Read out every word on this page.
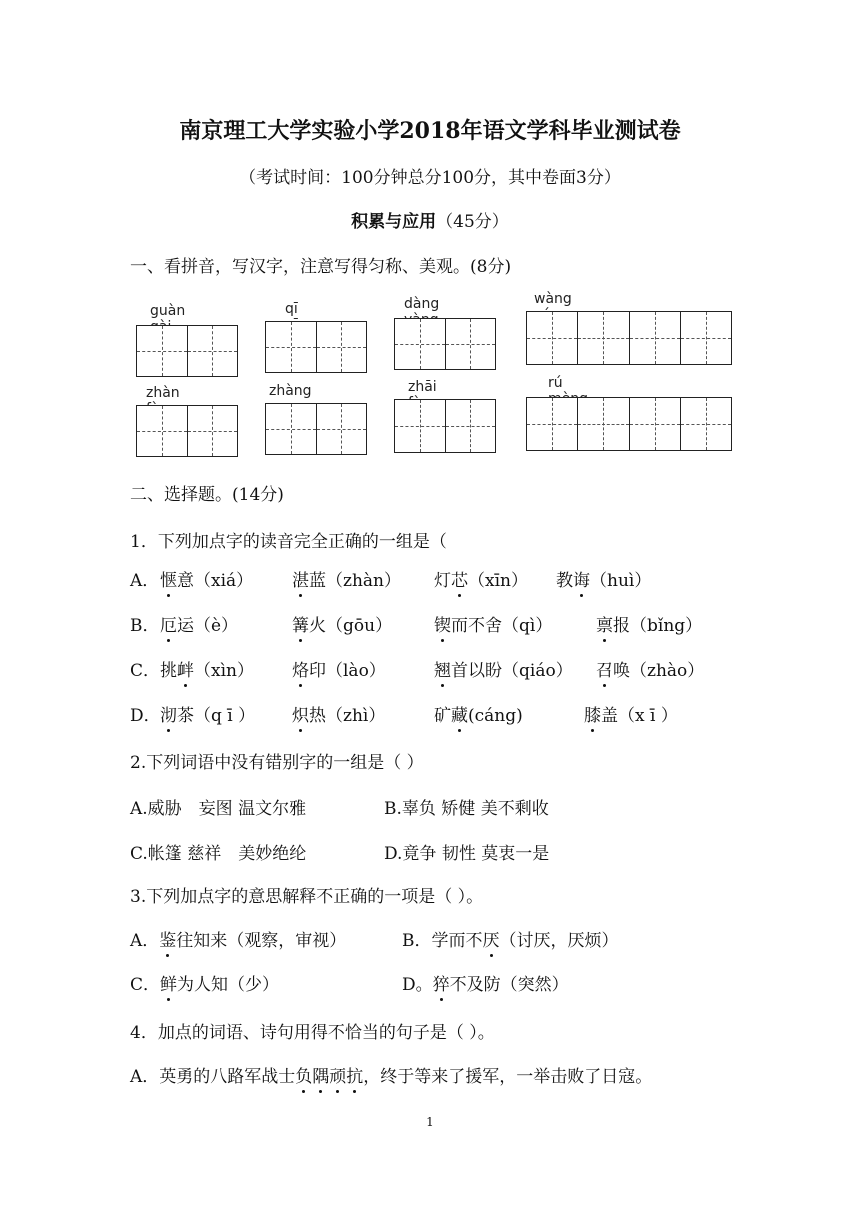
南京理工大学实验小学2018年语文学科毕业测试卷
（考试时间：100分钟总分100分，其中卷面3分）
积累与应用（45分）
一、看拼音，写汉字，注意写得匀称、美观。(8分)
guàn	qī	dàng	wàng
zhàn	zhàng	zhāi	rú
二、选择题。(14分)
1．下列加点字的读音完全正确的一组是（
A． 惬意（xiá） 湛蓝（zhàn） 灯芯（xīn） 教诲（huì）
B． 厄运（è）	篝火（gōu） 锲而不舍（qì）	禀报（bǐng）
C． 挑衅（xìn） 烙印（lào）	翘首以盼（qiáo） 召唤（zhào）
D． 沏茶（q ī ） 炽热（zhì）	矿藏(cáng)	膝盖（x ī ）
2.下列词语中没有错别字的一组是（ ）
A.威胁　妄图 温文尔雅	B.辜负 矫健 美不剩收
C.帐篷 慈祥　美妙绝纶	D.竟争 韧性 莫衷一是
3.下列加点字的意思解释不正确的一项是（ ）。
A．鉴往知来（观察，审视）	B．学而不厌（讨厌，厌烦）
C．鲜为人知（少）	D。猝不及防（突然）
4．加点的词语、诗句用得不恰当的句子是（ ）。
A．英勇的八路军战士负隅顽抗，终于等来了援军，一举击败了日寇。
1
